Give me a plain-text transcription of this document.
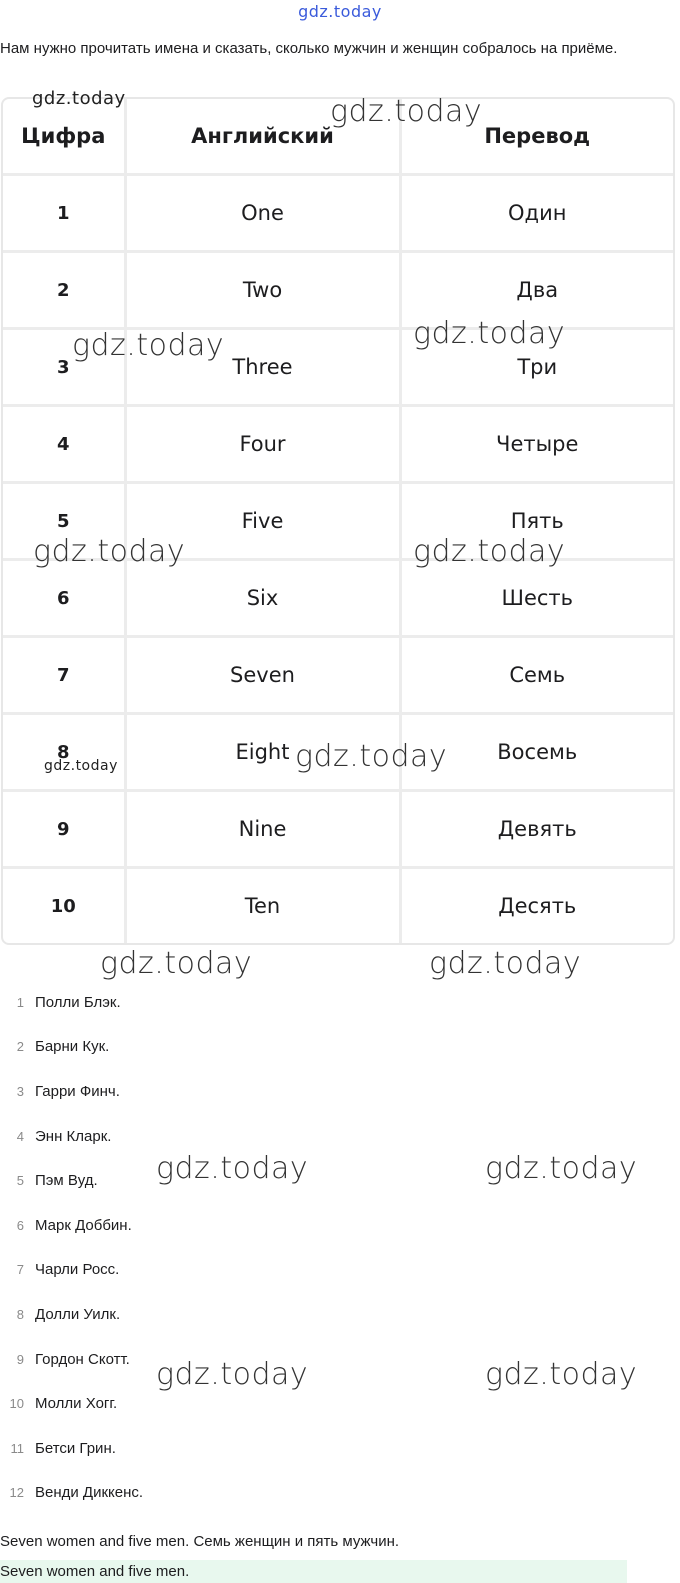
gdz.today
Нам нужно прочитать имена и сказать, сколько мужчин и женщин собралось на приёме.
Цифра	Английский	Перевод
1	One	Один
2	Two	Два
3	Three	Три
4	Four	Четыре
5	Five	Пять
6	Six	Шесть
7	Seven	Семь
8	Eight	Восемь
9	Nine	Девять
10	Ten	Десять
1 Полли Блэк.
2 Барни Кук.
3 Гарри Финч.
4 Энн Кларк.
5 Пэм Вуд.
6 Марк Доббин.
7 Чарли Росс.
8 Долли Уилк.
9 Гордон Скотт.
10 Молли Хогг.
11 Бетси Грин.
12 Венди Диккенс.
Seven women and five men. Семь женщин и пять мужчин.
Seven women and five men.
gdz.today	gdz.today
gdz.today	gdz.today
gdz.today	gdz.today
gdz.today	gdz.today
gdz.today	gdz.today
gdz.today	gdz.today
gdz.today	gdz.today
